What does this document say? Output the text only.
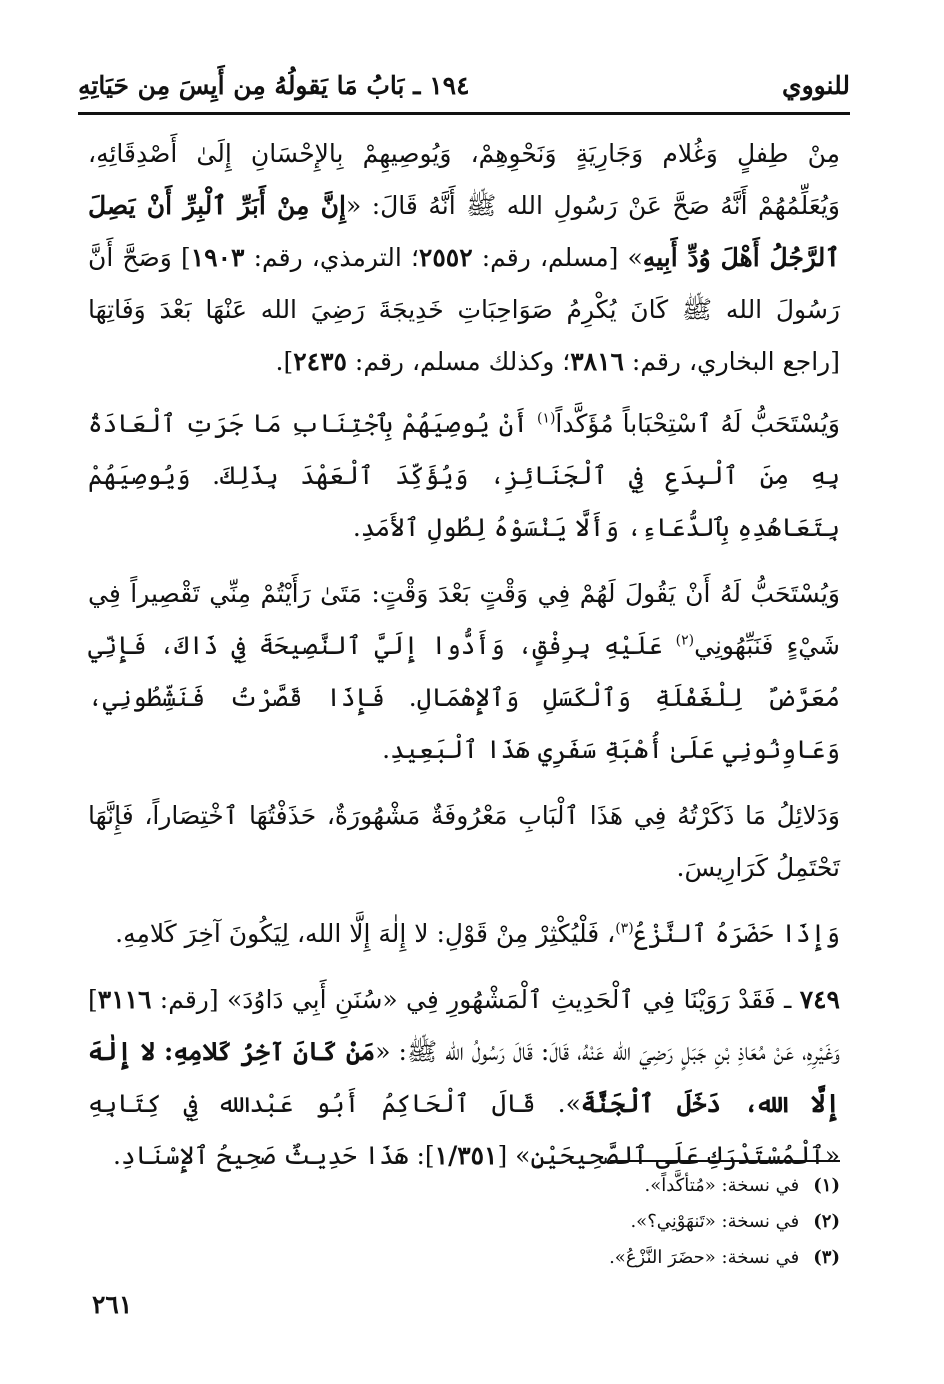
للنووي
١٩٤ ـ بَابُ مَا يَقولُهُ مِن أَيِسَ مِن حَيَاتِهِ

مِنْ طِفلٍ وَغُلام وَجَارِيَةٍ وَنَحْوِهِمْ، وَيُوصِيهِمْ بِالإِحْسَانِ إِلَىٰ أَصْدِقَائِهِ، وَيُعَلِّمُهُمْ أَنَّهُ صَحَّ عَنْ رَسُولِ الله ﷺ أَنَّهُ قَالَ: «إِنَّ مِنْ أَبَرِّ ٱلْبِرِّ أَنْ يَصِلَ ٱلرَّجُلُ أَهْلَ وُدِّ أَبِيهِ» [مسلم، رقم: ٢٥٥٢؛ الترمذي، رقم: ١٩٠٣] وَصَحَّ أَنَّ رَسُولَ الله ﷺ كَانَ يُكْرِمُ صَوَاحِبَاتِ خَدِيجَةَ رَضِيَ الله عَنْهَا بَعْدَ وَفَاتِهَا [راجع البخاري، رقم: ٣٨١٦؛ وكذلك مسلم، رقم: ٢٤٣٥].

وَيُسْتَحَبُّ لَهُ ٱسْتِحْبَاباً مُؤَكَّداً$^{(١)}$ أَنْ يُوصِيَهُمْ بِٱجْتِنَابِ مَا جَرَتِ ٱلْعَادَةُ بِهِ مِنَ ٱلْبِدَعِ فِي ٱلْجَنَائِزِ، وَيُؤَكِّدَ ٱلْعَهْدَ بِذَلِكَ. وَيُوصِيَهُمْ بِتَعَاهُدِهِ بِٱلدُّعَاءِ، وَأَلَّا يَنْسَوْهُ لِطُولِ ٱلأَمَدِ.

وَيُسْتَحَبُّ لَهُ أَنْ يَقُولَ لَهُمْ فِي وَقْتٍ بَعْدَ وَقْتٍ: مَتَىٰ رَأَيْتُمْ مِنِّي تَقْصِيراً فِي شَيْءٍ فَنَبِّهُونِي$^{(٢)}$ عَلَيْهِ بِرِفْقٍ، وَأَدُّوا إِلَيَّ ٱلنَّصِيحَةَ فِي ذَاكَ، فَإِنِّي مُعَرَّضٌ لِلْغَفْلَةِ وَٱلْكَسَلِ وَٱلإِهْمَالِ. فَإِذَا قَصَّرْتُ فَنَشِّطُونِي، وَعَاوِنُونِي عَلَىٰ أُهْبَةِ سَفَرِي هَذَا ٱلْبَعِيدِ.

وَدَلائِلُ مَا ذَكَرْتُهُ فِي هَذَا ٱلْبَابِ مَعْرُوفَةٌ مَشْهُورَةٌ، حَذَفْتُهَا ٱخْتِصَاراً، فَإِنَّهَا تَحْتَمِلُ كَرَارِيسَ.

وَإِذَا حَضَرَهُ ٱلنَّزْعُ$^{(٣)}$، فَلْيُكْثِرْ مِنْ قَوْلِ: لا إِلٰهَ إِلَّا الله، لِيَكُونَ آخِرَ كَلامِهِ.

٧٤٩ ـ فَقَدْ رَوَيْنَا فِي ٱلْحَدِيثِ ٱلْمَشْهُورِ فِي «سُنَنِ أَبِي دَاوُدَ» [رقم: ٣١١٦] وَغَيْرِهِ، عَنْ مُعَاذِ بْنِ جَبَلٍ رَضِيَ الله عَنْهُ، قَالَ: قَالَ رَسُولُ الله ﷺ: «مَنْ كَانَ آخِرُ كَلامِهِ: لا إِلٰهَ إِلَّا الله، دَخَلَ ٱلْجَنَّةَ». قَالَ ٱلْحَاكِمُ أَبُو عَبْدالله فِي كِتَابِهِ «ٱلْمُسْتَدْرَكِ عَلَى ٱلصَّحِيحَيْنِ» [١/٣٥١]: هَذَا حَدِيثٌ صَحِيحُ ٱلإِسْنَادِ.

(١)في نسخة: «مُتأكَّداً».
(٢)في نسخة: «تَنهَوْنِي؟».
(٣)في نسخة: «حضَرَ النَّزْعُ».
٢٦١
